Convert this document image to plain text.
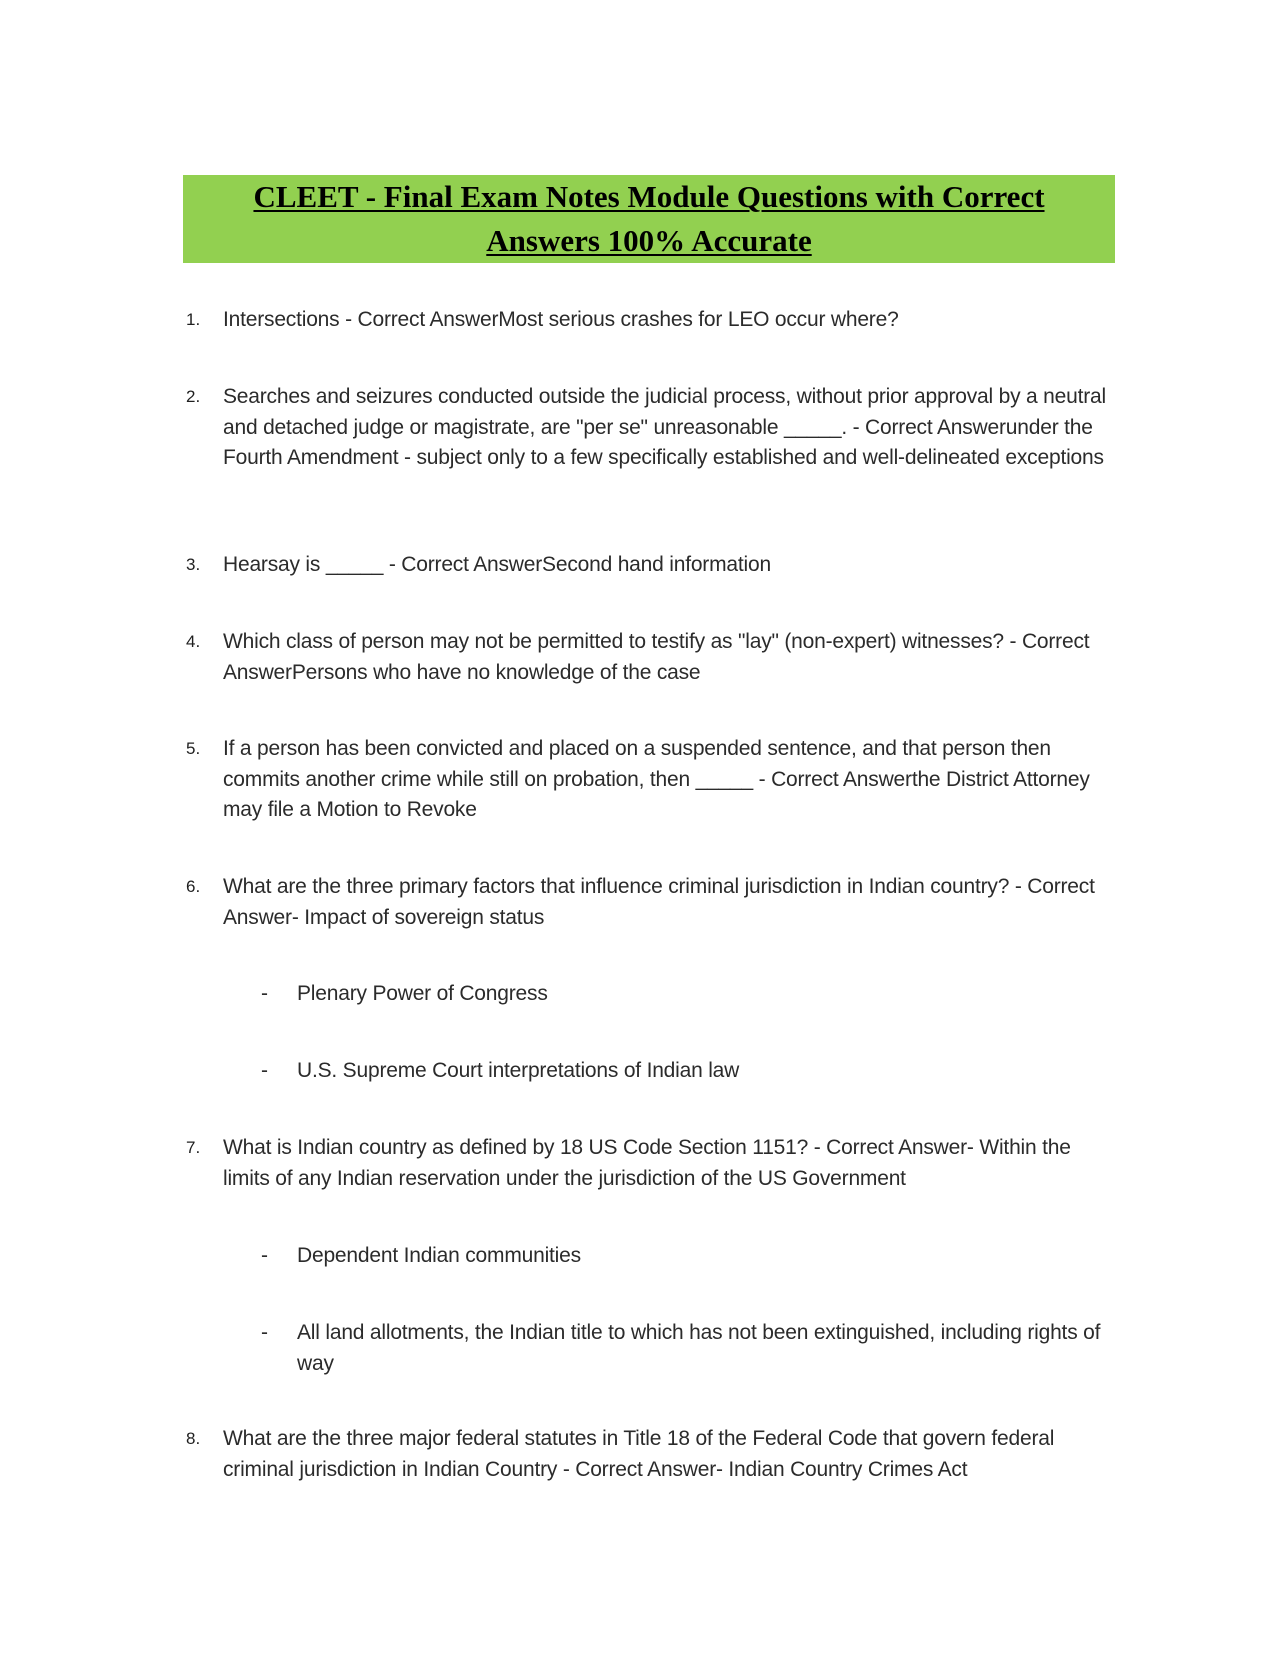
CLEET - Final Exam Notes Module Questions with Correct
Answers 100% Accurate
1. Intersections - Correct AnswerMost serious crashes for LEO occur where?
2. Searches and seizures conducted outside the judicial process, without prior approval by a neutral and detached judge or magistrate, are "per se" unreasonable _____. - Correct Answerunder the Fourth Amendment - subject only to a few specifically established and well-delineated exceptions
3. Hearsay is _____ - Correct AnswerSecond hand information
4. Which class of person may not be permitted to testify as "lay" (non-expert) witnesses? - Correct AnswerPersons who have no knowledge of the case
5. If a person has been convicted and placed on a suspended sentence, and that person then commits another crime while still on probation, then _____ - Correct Answerthe District Attorney may file a Motion to Revoke
6. What are the three primary factors that influence criminal jurisdiction in Indian country? - Correct Answer- Impact of sovereign status
- Plenary Power of Congress
- U.S. Supreme Court interpretations of Indian law
7. What is Indian country as defined by 18 US Code Section 1151? - Correct Answer- Within the limits of any Indian reservation under the jurisdiction of the US Government
- Dependent Indian communities
- All land allotments, the Indian title to which has not been extinguished, including rights of way
8. What are the three major federal statutes in Title 18 of the Federal Code that govern federal criminal jurisdiction in Indian Country - Correct Answer- Indian Country Crimes Act
